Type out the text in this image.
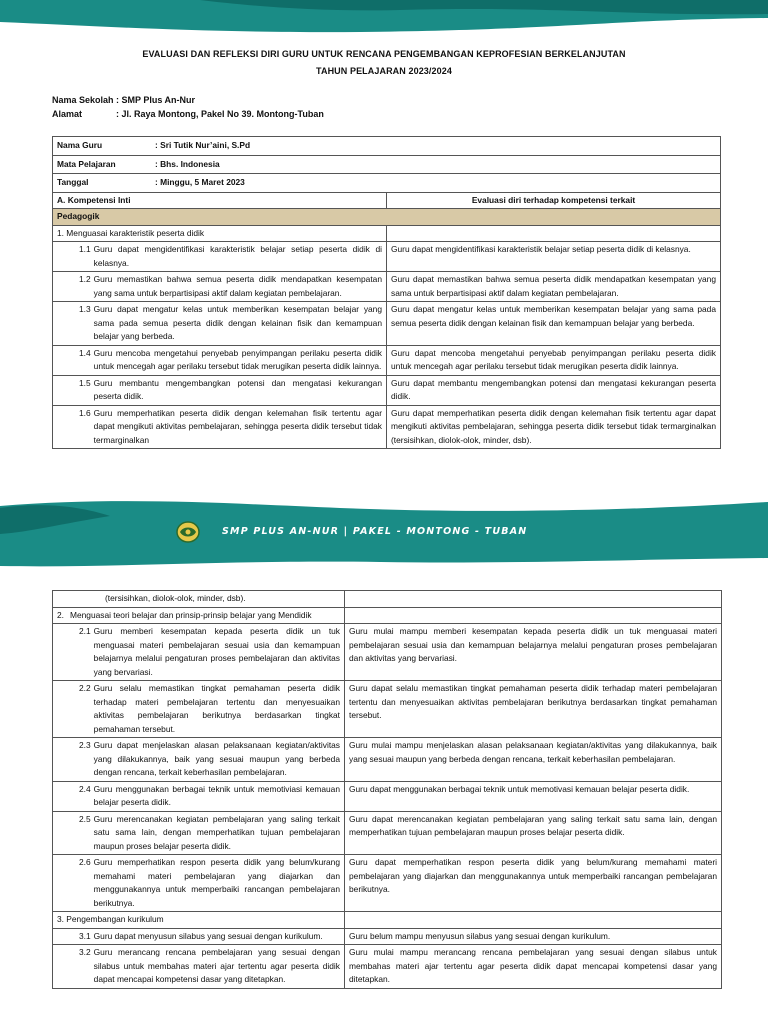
EVALUASI DAN REFLEKSI DIRI GURU UNTUK RENCANA PENGEMBANGAN KEPROFESIAN BERKELANJUTAN
TAHUN PELAJARAN 2023/2024
Nama Sekolah : SMP Plus An-Nur
Alamat	: Jl. Raya Montong, Pakel No 39. Montong-Tuban
Nama Guru : Sri Tutik Nur’aini, S.Pd	
Mata Pelajaran : Bhs. Indonesia	
Tanggal : Minggu, 5 Maret 2023	
A. Kompetensi Inti	Evaluasi diri terhadap kompetensi terkait
Pedagogik	
1. Menguasai karakteristik peserta didik	

1.1 Guru dapat mengidentifikasi karakteristik belajar setiap peserta didik di kelasnya.	Guru dapat mengidentifikasi karakteristik belajar setiap peserta didik di kelasnya.

1.2 Guru memastikan bahwa semua peserta didik mendapatkan kesempatan yang sama untuk berpartisipasi aktif dalam kegiatan pembelajaran.	Guru dapat memastikan bahwa semua peserta didik mendapatkan kesempatan yang sama untuk berpartisipasi aktif dalam kegiatan pembelajaran.

1.3 Guru dapat mengatur kelas untuk memberikan kesempatan belajar yang sama pada semua peserta didik dengan kelainan fisik dan kemampuan belajar yang berbeda.	Guru dapat mengatur kelas untuk memberikan kesempatan belajar yang sama pada semua peserta didik dengan kelainan fisik dan kemampuan belajar yang berbeda.

1.4 Guru mencoba mengetahui penyebab penyimpangan perilaku peserta didik untuk mencegah agar perilaku tersebut tidak merugikan peserta didik lainnya.	Guru dapat mencoba mengetahui penyebab penyimpangan perilaku peserta didik untuk mencegah agar perilaku tersebut tidak merugikan peserta didik lainnya.

1.5 Guru membantu mengembangkan potensi dan mengatasi kekurangan peserta didik.	Guru dapat membantu mengembangkan potensi dan mengatasi kekurangan peserta didik.

1.6 Guru memperhatikan peserta didik dengan kelemahan fisik tertentu agar dapat mengikuti aktivitas pembelajaran, sehingga peserta didik tersebut tidak termarginalkan	Guru dapat memperhatikan peserta didik dengan kelemahan fisik tertentu agar dapat mengikuti aktivitas pembelajaran, sehingga peserta didik tersebut tidak termarginalkan (tersisihkan, diolok-olok, minder, dsb).
SMP PLUS AN-NUR | PAKEL - MONTONG - TUBAN
(tersisihkan, diolok-olok, minder, dsb).	

2. Menguasai teori belajar dan prinsip-prinsip belajar yang Mendidik	

2.1 Guru memberi kesempatan kepada peserta didik un tuk menguasai materi pembelajaran sesuai usia dan kemampuan belajarnya melalui pengaturan proses pembelajaran dan aktivitas yang bervariasi.	Guru mulai mampu memberi kesempatan kepada peserta didik un tuk menguasai materi pembelajaran sesuai usia dan kemampuan belajarnya melalui pengaturan proses pembelajaran dan aktivitas yang bervariasi.

2.2 Guru selalu memastikan tingkat pemahaman peserta didik terhadap materi pembelajaran tertentu dan menyesuaikan aktivitas pembelajaran berikutnya berdasarkan tingkat pemahaman tersebut.	Guru dapat selalu memastikan tingkat pemahaman peserta didik terhadap materi pembelajaran tertentu dan menyesuaikan aktivitas pembelajaran berikutnya berdasarkan tingkat pemahaman tersebut.

2.3 Guru dapat menjelaskan alasan pelaksanaan kegiatan/aktivitas yang dilakukannya, baik yang sesuai maupun yang berbeda dengan rencana, terkait keberhasilan pembelajaran.	Guru mulai mampu menjelaskan alasan pelaksanaan kegiatan/aktivitas yang dilakukannya, baik yang sesuai maupun yang berbeda dengan rencana, terkait keberhasilan pembelajaran.

2.4 Guru menggunakan berbagai teknik untuk memotiviasi kemauan belajar peserta didik.	Guru dapat menggunakan berbagai teknik untuk memotivasi kemauan belajar peserta didik.

2.5 Guru merencanakan kegiatan pembelajaran yang saling terkait satu sama lain, dengan memperhatikan tujuan pembelajaran maupun proses belajar peserta didik.	Guru dapat merencanakan kegiatan pembelajaran yang saling terkait satu sama lain, dengan memperhatikan tujuan pembelajaran maupun proses belajar peserta didik.

2.6 Guru memperhatikan respon peserta didik yang belum/kurang memahami materi pembelajaran yang diajarkan dan menggunakannya untuk memperbaiki rancangan pembelajaran berikutnya.	Guru dapat memperhatikan respon peserta didik yang belum/kurang memahami materi pembelajaran yang diajarkan dan menggunakannya untuk memperbaiki rancangan pembelajaran berikutnya.
3. Pengembangan kurikulum	

3.1 Guru dapat menyusun silabus yang sesuai dengan kurikulum.	Guru belum mampu menyusun silabus yang sesuai dengan kurikulum.

3.2 Guru merancang rencana pembelajaran yang sesuai dengan silabus untuk membahas materi ajar tertentu agar peserta didik dapat mencapai kompetensi dasar yang ditetapkan.	Guru mulai mampu merancang rencana pembelajaran yang sesuai dengan silabus untuk membahas materi ajar tertentu agar peserta didik dapat mencapai kompetensi dasar yang ditetapkan.
